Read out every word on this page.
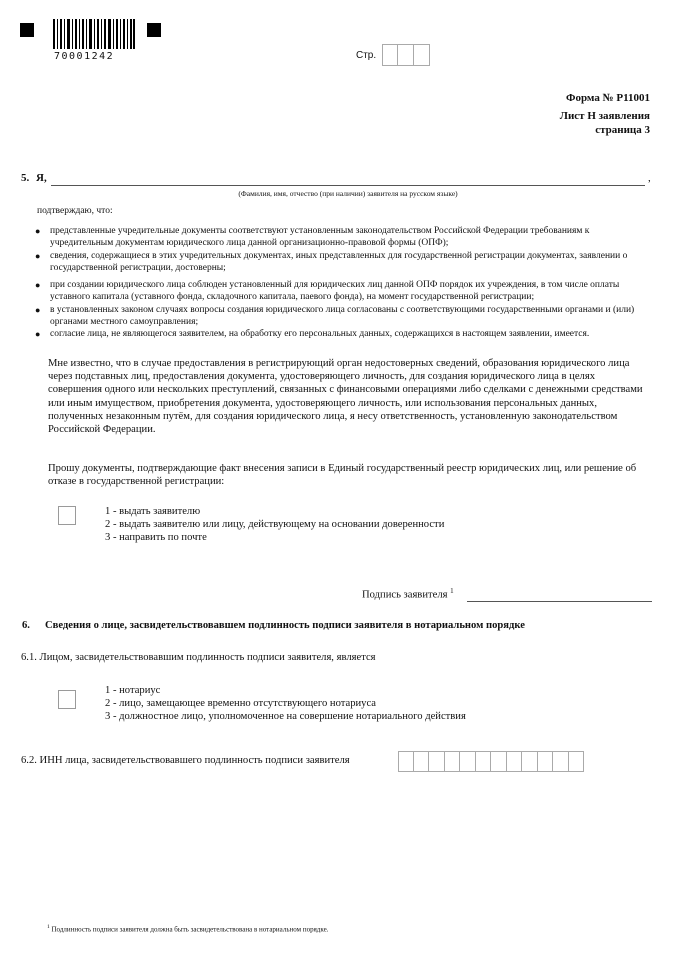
70001242	Стр.
Форма № Р11001
Лист Н заявления
страница 3
5. Я,	,
(Фамилия, имя, отчество (при наличии) заявителя на русском языке)
подтверждаю, что:
● представленные учредительные документы соответствуют установленным законодательством Российской Федерации требованиям к учредительным документам юридического лица данной организационно-правовой формы (ОПФ);
● сведения, содержащиеся в этих учредительных документах, иных представленных для государственной регистрации документах, заявлении о государственной регистрации, достоверны;
● при создании юридического лица соблюден установленный для юридических лиц данной ОПФ порядок их учреждения, в том числе оплаты уставного капитала (уставного фонда, складочного капитала, паевого фонда), на момент государственной регистрации;
● в установленных законом случаях вопросы создания юридического лица согласованы с соответствующими государственными органами и (или) органами местного самоуправления;
● согласие лица, не являющегося заявителем, на обработку его персональных данных, содержащихся в настоящем заявлении, имеется.
Мне известно, что в случае предоставления в регистрирующий орган недостоверных сведений, образования юридического лица через подставных лиц, предоставления документа, удостоверяющего личность, для создания юридического лица в целях совершения одного или нескольких преступлений, связанных с финансовыми операциями либо сделками с денежными средствами или иным имуществом, приобретения документа, удостоверяющего личность, или использования персональных данных, полученных незаконным путём, для создания юридического лица, я несу ответственность, установленную законодательством Российской Федерации.
Прошу документы, подтверждающие факт внесения записи в Единый государственный реестр юридических лиц, или решение об отказе в государственной регистрации:
1 - выдать заявителю
2 - выдать заявителю или лицу, действующему на основании доверенности
3 - направить по почте
Подпись заявителя $^1$
6. Сведения о лице, засвидетельствовавшем подлинность подписи заявителя в нотариальном порядке
6.1. Лицом, засвидетельствовавшим подлинность подписи заявителя, является
1 - нотариус
2 - лицо, замещающее временно отсутствующего нотариуса
3 - должностное лицо, уполномоченное на совершение нотариального действия
6.2. ИНН лица, засвидетельствовавшего подлинность подписи заявителя
$^1$ Подлинность подписи заявителя должна быть засвидетельствована в нотариальном порядке.
